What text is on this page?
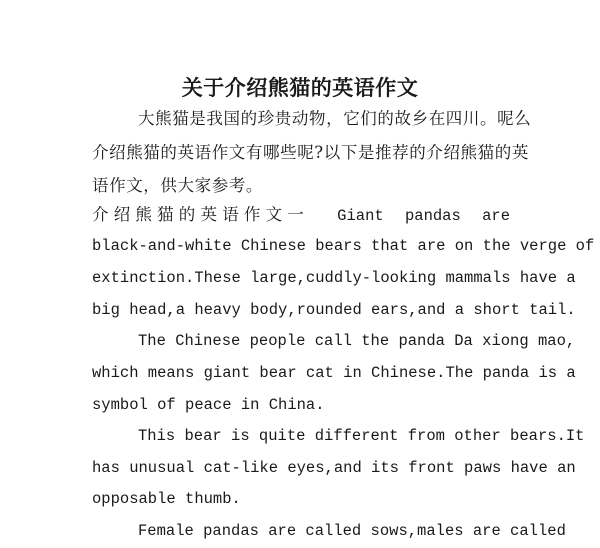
关于介绍熊猫的英语作文
大熊猫是我国的珍贵动物，它们的故乡在四川。呢么
介绍熊猫的英语作文有哪些呢?以下是推荐的介绍熊猫的英
语作文，供大家参考。
介绍熊猫的英语作文一 Giant pandas are
black-and-white Chinese bears that are on the verge of
extinction.These large,cuddly-looking mammals have a
big head,a heavy body,rounded ears,and a short tail.
The Chinese people call the panda Da xiong mao,
which means giant bear cat in Chinese.The panda is a
symbol of peace in China.
This bear is quite different from other bears.It
has unusual cat-like eyes,and its front paws have an
opposable thumb.
Female pandas are called sows,males are called
